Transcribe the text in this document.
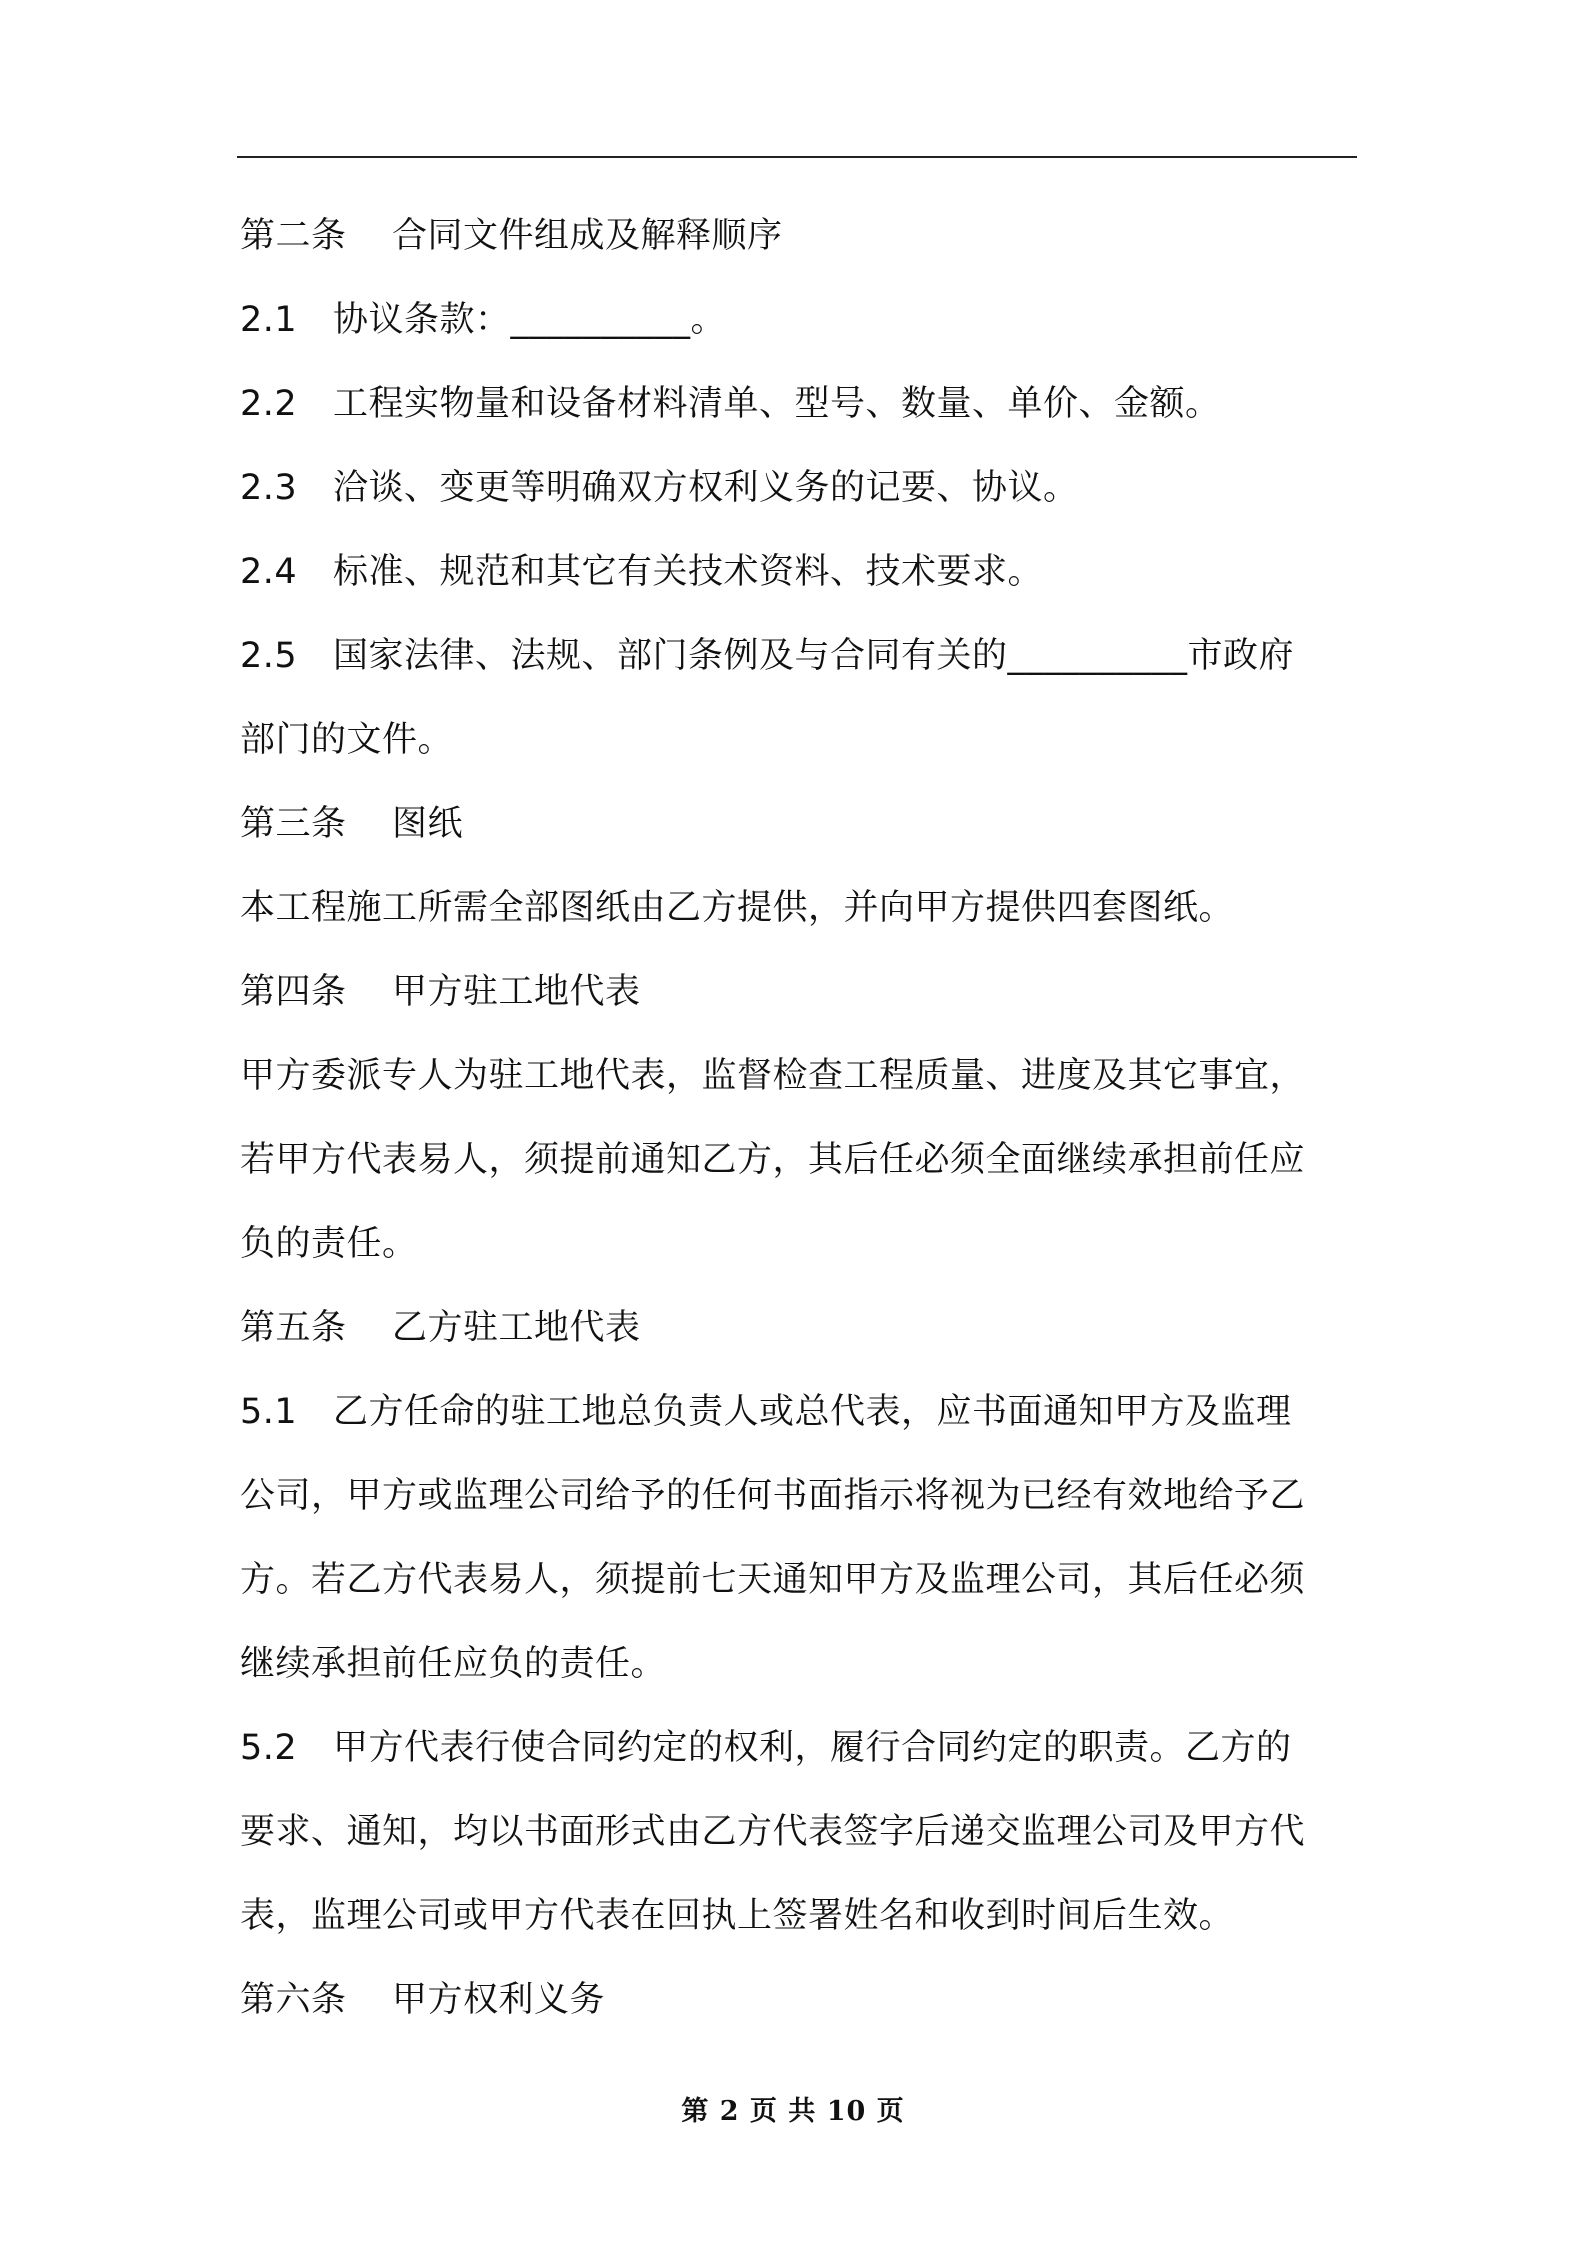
第二条 合同文件组成及解释顺序
2.1 协议条款：__________。
2.2 工程实物量和设备材料清单、型号、数量、单价、金额。
2.3 洽谈、变更等明确双方权利义务的记要、协议。
2.4 标准、规范和其它有关技术资料、技术要求。
2.5 国家法律、法规、部门条例及与合同有关的__________市政府
部门的文件。
第三条 图纸
本工程施工所需全部图纸由乙方提供，并向甲方提供四套图纸。
第四条 甲方驻工地代表
甲方委派专人为驻工地代表，监督检查工程质量、进度及其它事宜，
若甲方代表易人，须提前通知乙方，其后任必须全面继续承担前任应
负的责任。
第五条 乙方驻工地代表
5.1 乙方任命的驻工地总负责人或总代表，应书面通知甲方及监理
公司，甲方或监理公司给予的任何书面指示将视为已经有效地给予乙
方。若乙方代表易人，须提前七天通知甲方及监理公司，其后任必须
继续承担前任应负的责任。
5.2 甲方代表行使合同约定的权利，履行合同约定的职责。乙方的
要求、通知，均以书面形式由乙方代表签字后递交监理公司及甲方代
表，监理公司或甲方代表在回执上签署姓名和收到时间后生效。
第六条 甲方权利义务
第 2 页 共 10 页
